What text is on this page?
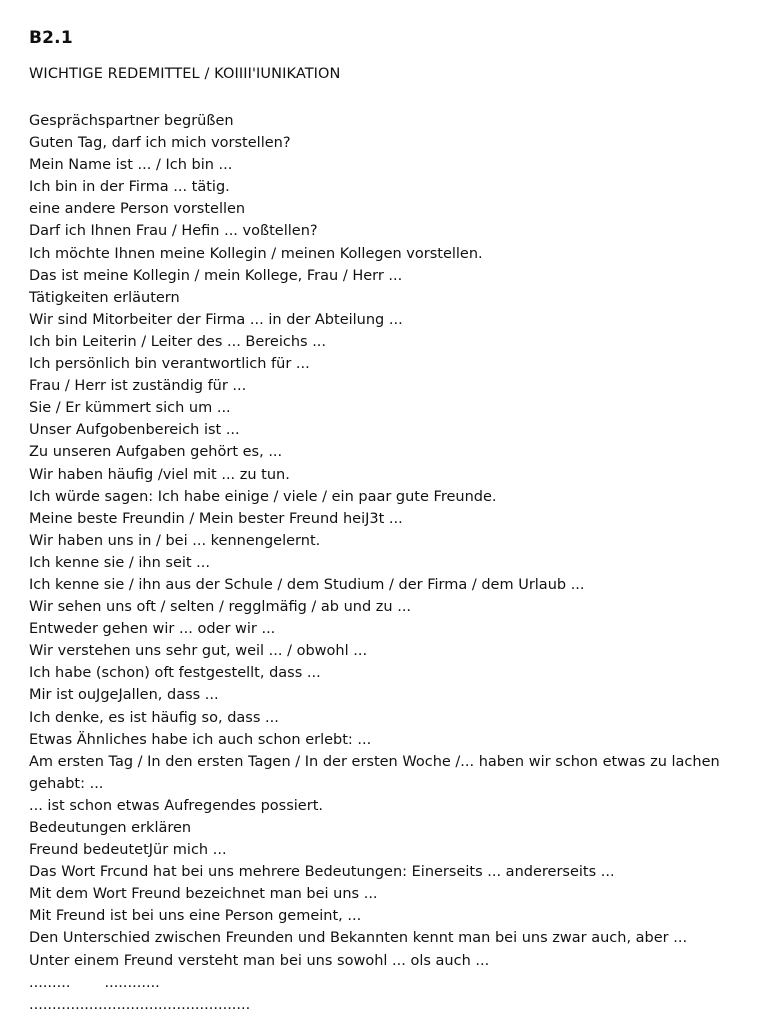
B2.1
WICHTIGE REDEMITTEL / KOIIII'IUNIKATION
Gesprächspartner begrüßen
Guten Tag, darf ich mich vorstellen?
Mein Name ist ... / Ich bin ...
Ich bin in der Firma ... tätig.
eine andere Person vorstellen
Darf ich Ihnen Frau / Hefin ... voßtellen?
Ich möchte Ihnen meine Kollegin / meinen Kollegen vorstellen.
Das ist meine Kollegin / mein Kollege, Frau / Herr ...
Tätigkeiten erläutern
Wir sind Mitorbeiter der Firma ... in der Abteilung ...
Ich bin Leiterin / Leiter des ... Bereichs ...
Ich persönlich bin verantwortlich für ...
Frau / Herr ist zuständig für ...
Sie / Er kümmert sich um ...
Unser Aufgobenbereich ist ...
Zu unseren Aufgaben gehört es, ...
Wir haben häufig /viel mit ... zu tun.
Ich würde sagen: Ich habe einige / viele / ein paar gute Freunde.
Meine beste Freundin / Mein bester Freund heiJ3t ...
Wir haben uns in / bei ... kennengelernt.
Ich kenne sie / ihn seit ...
Ich kenne sie / ihn aus der Schule / dem Studium / der Firma / dem Urlaub ...
Wir sehen uns oft / selten / regglmäfig / ab und zu ...
Entweder gehen wir ... oder wir ...
Wir verstehen uns sehr gut, weil ... / obwohl ...
Ich habe (schon) oft festgestellt, dass ...
Mir ist ouJgeJallen, dass ...
Ich denke, es ist häufig so, dass ...
Etwas Ähnliches habe ich auch schon erlebt: ...
Am ersten Tag / In den ersten Tagen / In der ersten Woche /... haben wir schon etwas zu lachen gehabt: ...
... ist schon etwas Aufregendes possiert.
Bedeutungen erklären
Freund bedeutetJür mich ...
Das Wort Frcund hat bei uns mehrere Bedeutungen: Einerseits ... andererseits ...
Mit dem Wort Freund bezeichnet man bei uns ...
Mit Freund ist bei uns eine Person gemeint, ...
Den Unterschied zwischen Freunden und Bekannten kennt man bei uns zwar auch, aber ...
Unter einem Freund versteht man bei uns sowohl ... ols auch ...
......... ............
................................................
